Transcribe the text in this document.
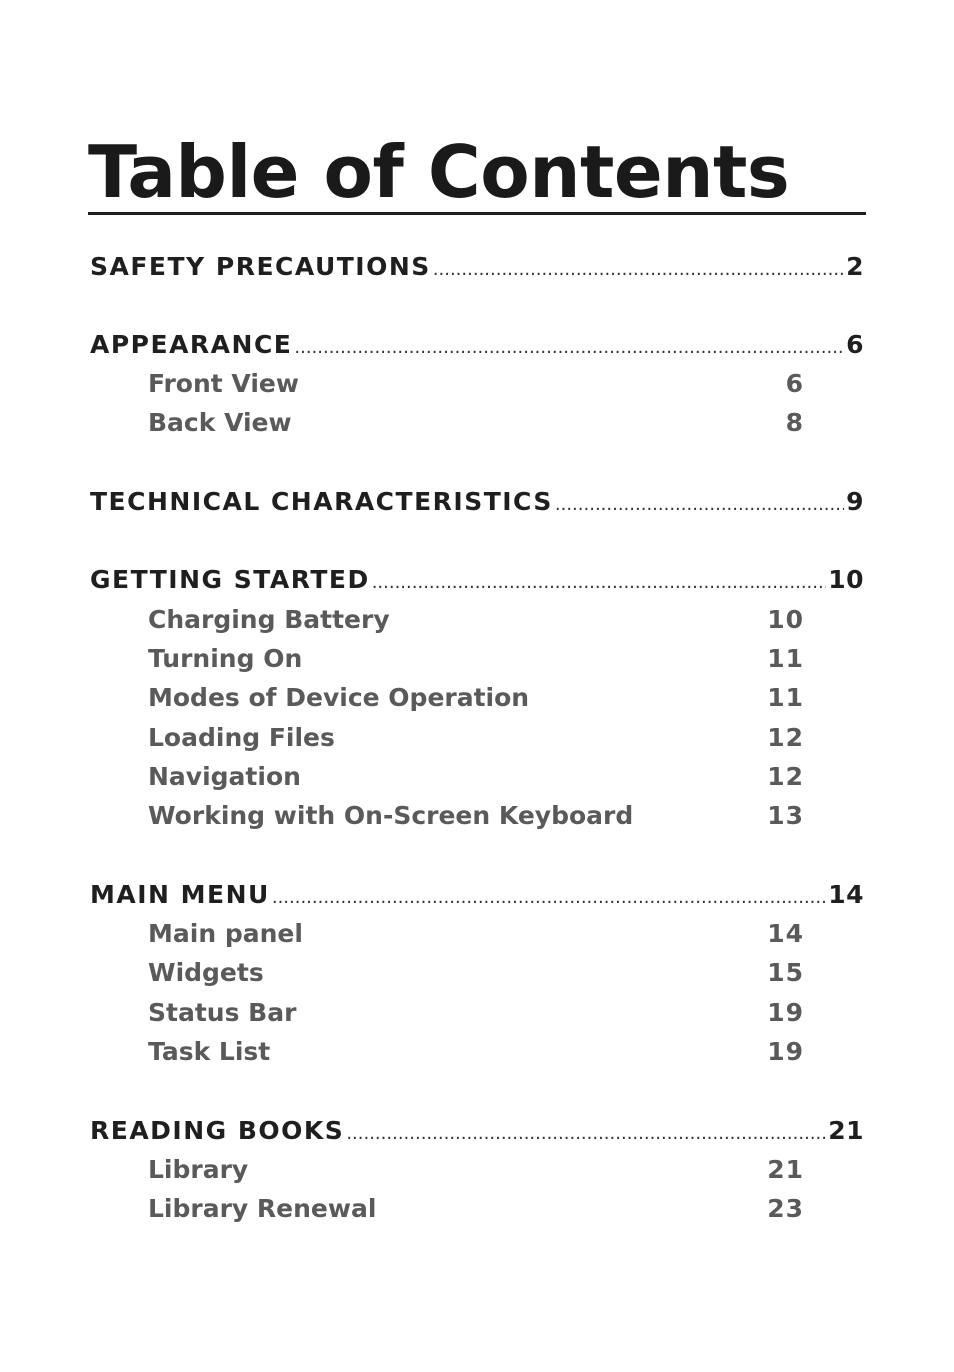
Table of Contents
SAFETY PRECAUTIONS .....	2
APPEARANCE .....	6
Front View	6
Back View	8
TECHNICAL CHARACTERISTICS .....	9
GETTING STARTED .....	10
Charging Battery	10
Turning On	11
Modes of Device Operation	11
Loading Files	12
Navigation	12
Working with On-Screen Keyboard	13
MAIN MENU .....	14
Main panel	14
Widgets	15
Status Bar	19
Task List	19
READING BOOKS .....	21
Library	21
Library Renewal	23
